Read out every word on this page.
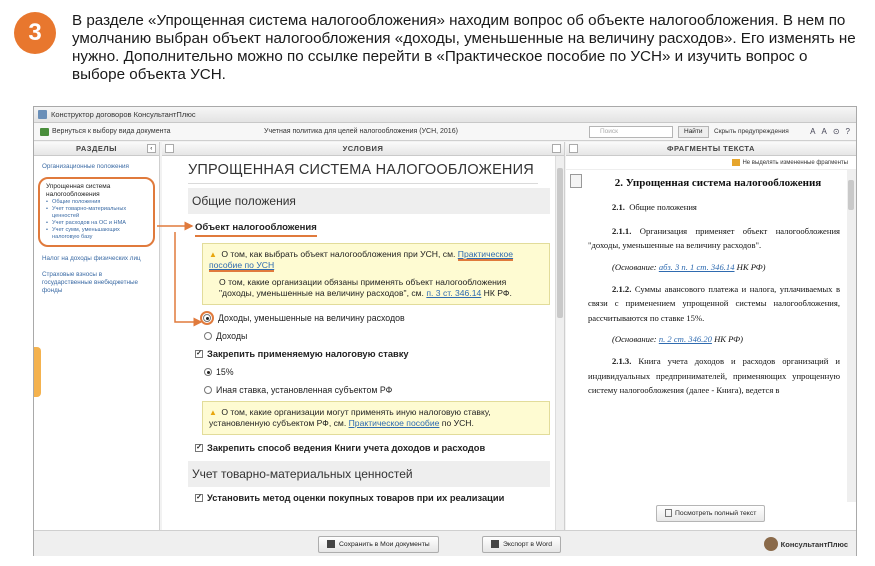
3	В разделе «Упрощенная система налогообложения» находим вопрос об объекте налогообложения. В нем по умолчанию выбран объект налогообложения «доходы, уменьшенные на величину расходов». Его изменять не нужно. Дополнительно можно по ссылке перейти в «Практическое пособие по УСН» и изучить вопрос о выборе объекта УСН.
Конструктор договоров КонсультантПлюс
Вернуться к выбору вида документа	Учетная политика для целей налогообложения (УСН, 2016)	Поиск	Найти	Скрыть предупреждения	A A ⊙ ?
РАЗДЕЛЫ	‹
Организационные положения
Упрощенная система налогообложения
• Общие положения
• Учет товарно-материальных ценностей
• Учет расходов на ОС и НМА
• Учет сумм, уменьшающих налоговую базу
Налог на доходы физических лиц
Страховые взносы в государственные внебюджетные фонды
УСЛОВИЯ
УПРОЩЕННАЯ СИСТЕМА НАЛОГООБЛОЖЕНИЯ
Общие положения
Объект налогообложения
▲ О том, как выбрать объект налогообложения при УСН, см. Практическое пособие по УСН
О том, какие организации обязаны применять объект налогообложения "доходы, уменьшенные на величину расходов", см. п. 3 ст. 346.14 НК РФ.
Доходы, уменьшенные на величину расходов
Доходы
✓ Закрепить применяемую налоговую ставку
15%
Иная ставка, установленная субъектом РФ
▲ О том, какие организации могут применять иную налоговую ставку, установленную субъектом РФ, см. Практическое пособие по УСН.
✓ Закрепить способ ведения Книги учета доходов и расходов
Учет товарно-материальных ценностей
✓ Установить метод оценки покупных товаров при их реализации
ФРАГМЕНТЫ ТЕКСТА
Не выделять измененные фрагменты
2. Упрощенная система налогообложения
2.1. Общие положения
2.1.1. Организация применяет объект налогообложения "доходы, уменьшенные на величину расходов".
(Основание: абз. 3 п. 1 ст. 346.14 НК РФ)
2.1.2. Суммы авансового платежа и налога, уплачиваемых в связи с применением упрощенной системы налогообложения, рассчитываются по ставке 15%.
(Основание: п. 2 ст. 346.20 НК РФ)
2.1.3. Книга учета доходов и расходов организаций и индивидуальных предпринимателей, применяющих упрощенную систему налогообложения (далее - Книга), ведется в
Посмотреть полный текст
Сохранить в Мои документы	Экспорт в Word	КонсультантПлюс
